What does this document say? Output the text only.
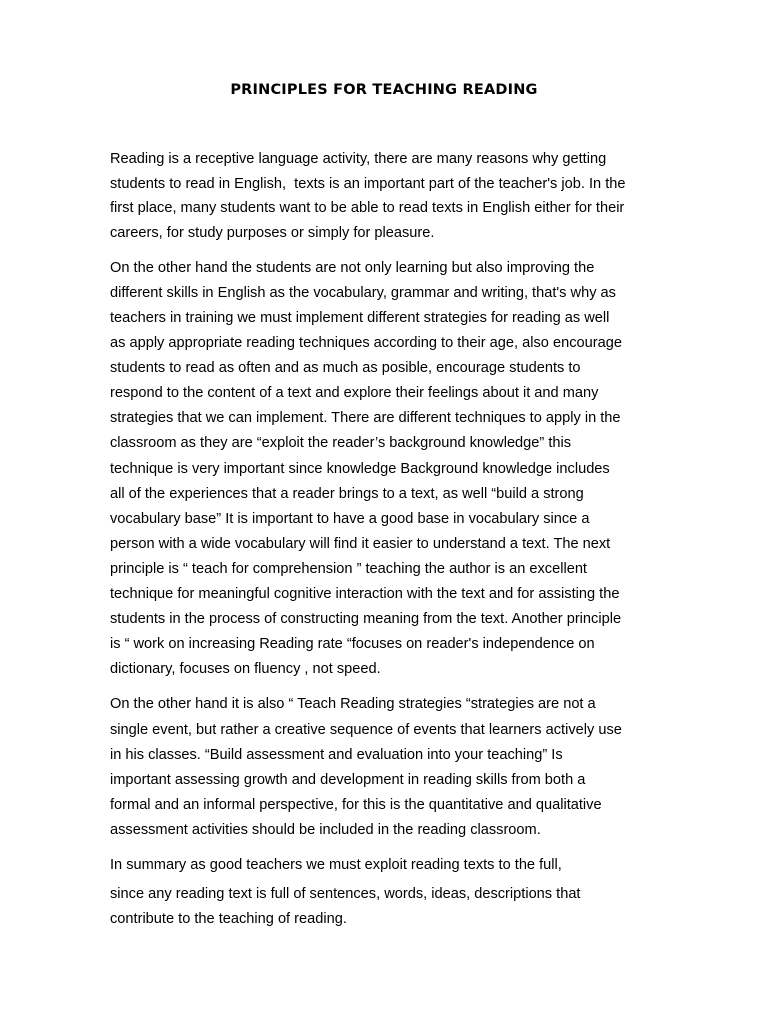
PRINCIPLES FOR TEACHING READING
Reading is a receptive language activity, there are many reasons why getting
students to read in English,  texts is an important part of the teacher's job. In the
first place, many students want to be able to read texts in English either for their
careers, for study purposes or simply for pleasure.
On the other hand the students are not only learning but also improving the
different skills in English as the vocabulary, grammar and writing, that's why as
teachers in training we must implement different strategies for reading as well
as apply appropriate reading techniques according to their age, also encourage
students to read as often and as much as posible, encourage students to
respond to the content of a text and explore their feelings about it and many
strategies that we can implement. There are different techniques to apply in the
classroom as they are “exploit the reader’s background knowledge” this
technique is very important since knowledge Background knowledge includes
all of the experiences that a reader brings to a text, as well “build a strong
vocabulary base” It is important to have a good base in vocabulary since a
person with a wide vocabulary will find it easier to understand a text. The next
principle is “ teach for comprehension ” teaching the author is an excellent
technique for meaningful cognitive interaction with the text and for assisting the
students in the process of constructing meaning from the text. Another principle
is “ work on increasing Reading rate “focuses on reader's independence on
dictionary, focuses on fluency , not speed.
On the other hand it is also “ Teach Reading strategies “strategies are not a
single event, but rather a creative sequence of events that learners actively use
in his classes. “Build assessment and evaluation into your teaching” Is
important assessing growth and development in reading skills from both a
formal and an informal perspective, for this is the quantitative and qualitative
assessment activities should be included in the reading classroom.
In summary as good teachers we must exploit reading texts to the full,
since any reading text is full of sentences, words, ideas, descriptions that
contribute to the teaching of reading.
